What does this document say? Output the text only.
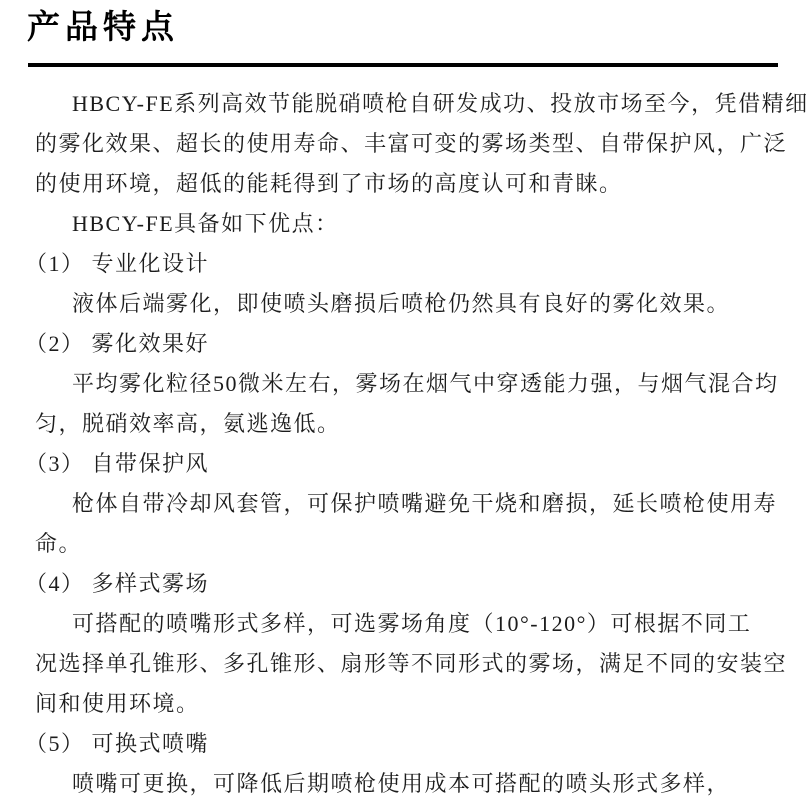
产品特点
HBCY-FE系列高效节能脱硝喷枪自研发成功、投放市场至今，凭借精细
的雾化效果、超长的使用寿命、丰富可变的雾场类型、自带保护风，广泛
的使用环境，超低的能耗得到了市场的高度认可和青睐。
HBCY-FE具备如下优点：
（1） 专业化设计
液体后端雾化，即使喷头磨损后喷枪仍然具有良好的雾化效果。
（2） 雾化效果好
平均雾化粒径50微米左右，雾场在烟气中穿透能力强，与烟气混合均
匀，脱硝效率高，氨逃逸低。
（3） 自带保护风
枪体自带冷却风套管，可保护喷嘴避免干烧和磨损，延长喷枪使用寿
命。
（4） 多样式雾场
可搭配的喷嘴形式多样，可选雾场角度（10°-120°）可根据不同工
况选择单孔锥形、多孔锥形、扇形等不同形式的雾场，满足不同的安装空
间和使用环境。
（5） 可换式喷嘴
喷嘴可更换，可降低后期喷枪使用成本可搭配的喷头形式多样，
